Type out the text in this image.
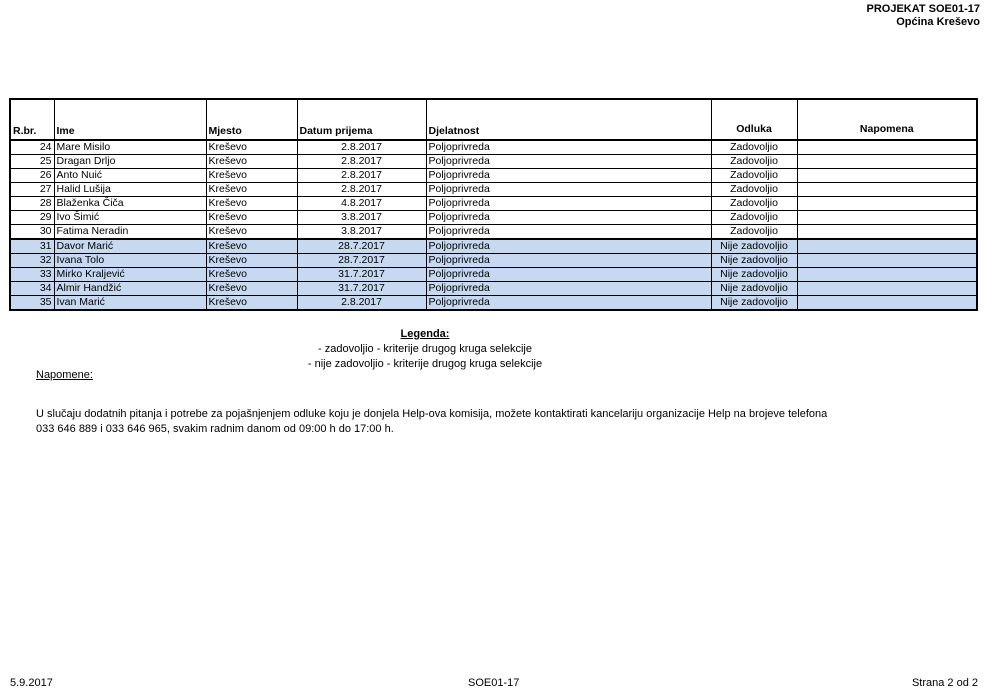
PROJEKAT SOE01-17
Općina Kreševo
R.br.	Ime	Mjesto	Datum prijema	Djelatnost	Odluka	Napomena
24	Mare Misilo	Kreševo	2.8.2017	Poljoprivreda	Zadovoljio	
25	Dragan Drljo	Kreševo	2.8.2017	Poljoprivreda	Zadovoljio	
26	Anto Nuić	Kreševo	2.8.2017	Poljoprivreda	Zadovoljio	
27	Halid Lušija	Kreševo	2.8.2017	Poljoprivreda	Zadovoljio	
28	Blaženka Čiča	Kreševo	4.8.2017	Poljoprivreda	Zadovoljio	
29	Ivo Šimić	Kreševo	3.8.2017	Poljoprivreda	Zadovoljio	
30	Fatima Neradin	Kreševo	3.8.2017	Poljoprivreda	Zadovoljio	
31	Davor Marić	Kreševo	28.7.2017	Poljoprivreda	Nije zadovoljio	
32	Ivana Tolo	Kreševo	28.7.2017	Poljoprivreda	Nije zadovoljio	
33	Mirko Kraljević	Kreševo	31.7.2017	Poljoprivreda	Nije zadovoljio	
34	Almir Handžić	Kreševo	31.7.2017	Poljoprivreda	Nije zadovoljio	
35	Ivan Marić	Kreševo	2.8.2017	Poljoprivreda	Nije zadovoljio	
Legenda:
- zadovoljio - kriterije drugog kruga selekcije
- nije zadovoljio - kriterije drugog kruga selekcije
Napomene:
U slučaju dodatnih pitanja i potrebe za pojašnjenjem odluke koju je donjela Help-ova komisija, možete kontaktirati kancelariju organizacije Help na brojeve telefona
033 646 889 i 033 646 965, svakim radnim danom od 09:00 h do 17:00 h.
5.9.2017	SOE01-17	Strana 2 od 2
